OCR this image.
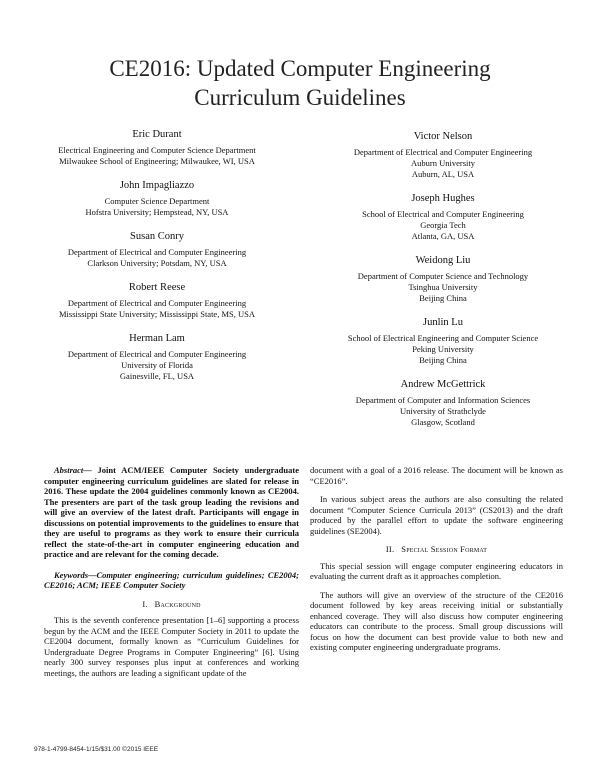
CE2016: Updated Computer Engineering
Curriculum Guidelines
Eric Durant
Electrical Engineering and Computer Science Department
Milwaukee School of Engineering; Milwaukee, WI, USA
John Impagliazzo
Computer Science Department
Hofstra University; Hempstead, NY, USA
Susan Conry
Department of Electrical and Computer Engineering
Clarkson University; Potsdam, NY, USA
Robert Reese
Department of Electrical and Computer Engineering
Mississippi State University; Mississippi State, MS, USA
Herman Lam
Department of Electrical and Computer Engineering
University of Florida
Gainesville, FL, USA
Victor Nelson
Department of Electrical and Computer Engineering
Auburn University
Auburn, AL, USA
Joseph Hughes
School of Electrical and Computer Engineering
Georgia Tech
Atlanta, GA, USA
Weidong Liu
Department of Computer Science and Technology
Tsinghua University
Beijing China
Junlin Lu
School of Electrical Engineering and Computer Science
Peking University
Beijing China
Andrew McGettrick
Department of Computer and Information Sciences
University of Strathclyde
Glasgow, Scotland

Abstract— Joint ACM/IEEE Computer Society undergraduate computer engineering curriculum guidelines are slated for release in 2016. These update the 2004 guidelines commonly known as CE2004. The presenters are part of the task group leading the revisions and will give an overview of the latest draft. Participants will engage in discussions on potential improvements to the guidelines to ensure that they are useful to programs as they work to ensure their curricula reflect the state-of-the-art in computer engineering education and practice and are relevant for the coming decade.

Keywords—Computer engineering; curriculum guidelines; CE2004; CE2016; ACM; IEEE Computer Society

I. Background

This is the seventh conference presentation [1–6] supporting a process begun by the ACM and the IEEE Computer Society in 2011 to update the CE2004 document, formally known as “Curriculum Guidelines for Undergraduate Degree Programs in Computer Engineering” [6]. Using nearly 300 survey responses plus input at conferences and working meetings, the authors are leading a significant update of the

document with a goal of a 2016 release. The document will be known as “CE2016”.

In various subject areas the authors are also consulting the related document “Computer Science Curricula 2013” (CS2013) and the draft produced by the parallel effort to update the software engineering guidelines (SE2004).

II. Special Session Format

This special session will engage computer engineering educators in evaluating the current draft as it approaches completion.

The authors will give an overview of the structure of the CE2016 document followed by key areas receiving initial or substantially enhanced coverage. They will also discuss how computer engineering educators can contribute to the process. Small group discussions will focus on how the document can best provide value to both new and existing computer engineering undergraduate programs.

978-1-4799-8454-1/15/$31.00 ©2015 IEEE
